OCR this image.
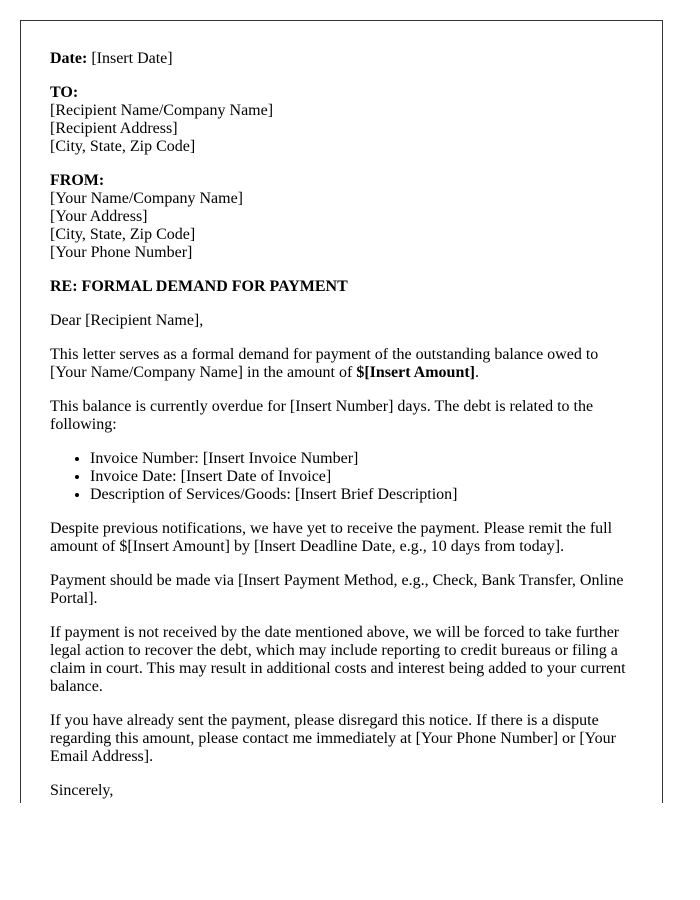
Date: [Insert Date]

TO:
[Recipient Name/Company Name]
[Recipient Address]
[City, State, Zip Code]

FROM:
[Your Name/Company Name]
[Your Address]
[City, State, Zip Code]
[Your Phone Number]

RE: FORMAL DEMAND FOR PAYMENT

Dear [Recipient Name],

This letter serves as a formal demand for payment of the outstanding balance owed to [Your Name/Company Name] in the amount of $[Insert Amount].

This balance is currently overdue for [Insert Number] days. The debt is related to the following:

• Invoice Number: [Insert Invoice Number]
• Invoice Date: [Insert Date of Invoice]
• Description of Services/Goods: [Insert Brief Description]

Despite previous notifications, we have yet to receive the payment. Please remit the full amount of $[Insert Amount] by [Insert Deadline Date, e.g., 10 days from today].

Payment should be made via [Insert Payment Method, e.g., Check, Bank Transfer, Online Portal].

If payment is not received by the date mentioned above, we will be forced to take further legal action to recover the debt, which may include reporting to credit bureaus or filing a claim in court. This may result in additional costs and interest being added to your current balance.

If you have already sent the payment, please disregard this notice. If there is a dispute regarding this amount, please contact me immediately at [Your Phone Number] or [Your Email Address].

Sincerely,
